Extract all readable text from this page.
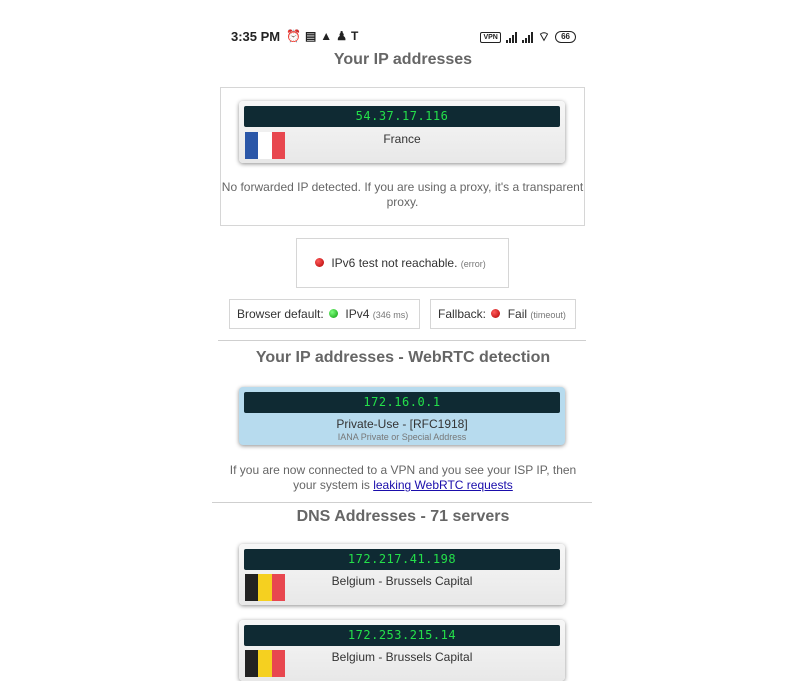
3:35 PM ⏰▤▲♟T	VPN	⌔	66
Your IP addresses
54.37.17.116
France
No forwarded IP detected. If you are using a proxy, it's a transparent proxy.
IPv6 test not reachable. (error)
Browser default: IPv4 (346 ms) Fallback: Fail (timeout)
Your IP addresses - WebRTC detection
172.16.0.1
Private-Use - [RFC1918]
IANA Private or Special Address
If you are now connected to a VPN and you see your ISP IP, then
your system is leaking WebRTC requests
DNS Addresses - 71 servers
172.217.41.198
Belgium - Brussels Capital
172.253.215.14
Belgium - Brussels Capital
